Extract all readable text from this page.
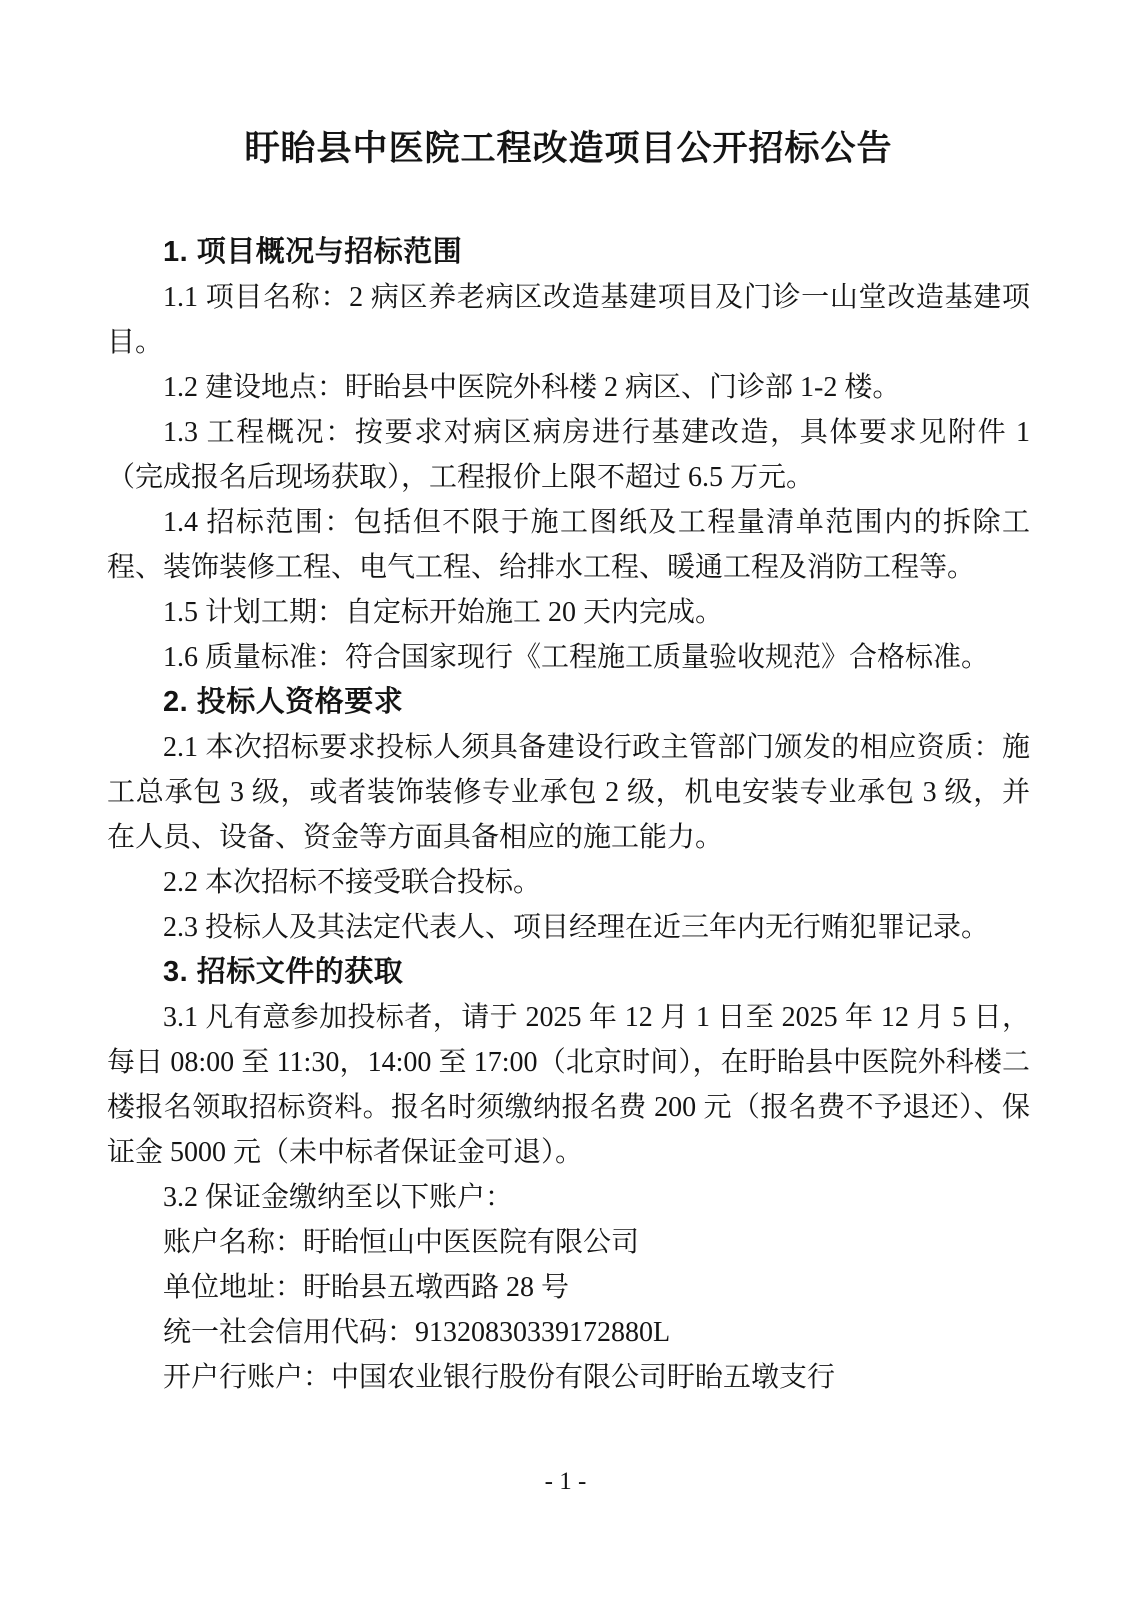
盱眙县中医院工程改造项目公开招标公告
1. 项目概况与招标范围

1.1 项目名称：2 病区养老病区改造基建项目及门诊一山堂改造基建项目。

1.2 建设地点：盱眙县中医院外科楼 2 病区、门诊部 1-2 楼。

1.3 工程概况：按要求对病区病房进行基建改造，具体要求见附件 1（完成报名后现场获取），工程报价上限不超过 6.5 万元。

1.4 招标范围：包括但不限于施工图纸及工程量清单范围内的拆除工程、装饰装修工程、电气工程、给排水工程、暖通工程及消防工程等。

1.5 计划工期：自定标开始施工 20 天内完成。

1.6 质量标准：符合国家现行《工程施工质量验收规范》合格标准。

2. 投标人资格要求

2.1 本次招标要求投标人须具备建设行政主管部门颁发的相应资质：施工总承包 3 级，或者装饰装修专业承包 2 级，机电安装专业承包 3 级，并在人员、设备、资金等方面具备相应的施工能力。

2.2 本次招标不接受联合投标。

2.3 投标人及其法定代表人、项目经理在近三年内无行贿犯罪记录。

3. 招标文件的获取

3.1 凡有意参加投标者，请于 2025 年 12 月 1 日至 2025 年 12 月 5 日，每日 08:00 至 11:30，14:00 至 17:00（北京时间），在盱眙县中医院外科楼二楼报名领取招标资料。报名时须缴纳报名费 200 元（报名费不予退还）、保证金 5000 元（未中标者保证金可退）。

3.2 保证金缴纳至以下账户：

账户名称：盱眙恒山中医医院有限公司

单位地址：盱眙县五墩西路 28 号

统一社会信用代码：91320830339172880L

开户行账户：中国农业银行股份有限公司盱眙五墩支行

- 1 -
